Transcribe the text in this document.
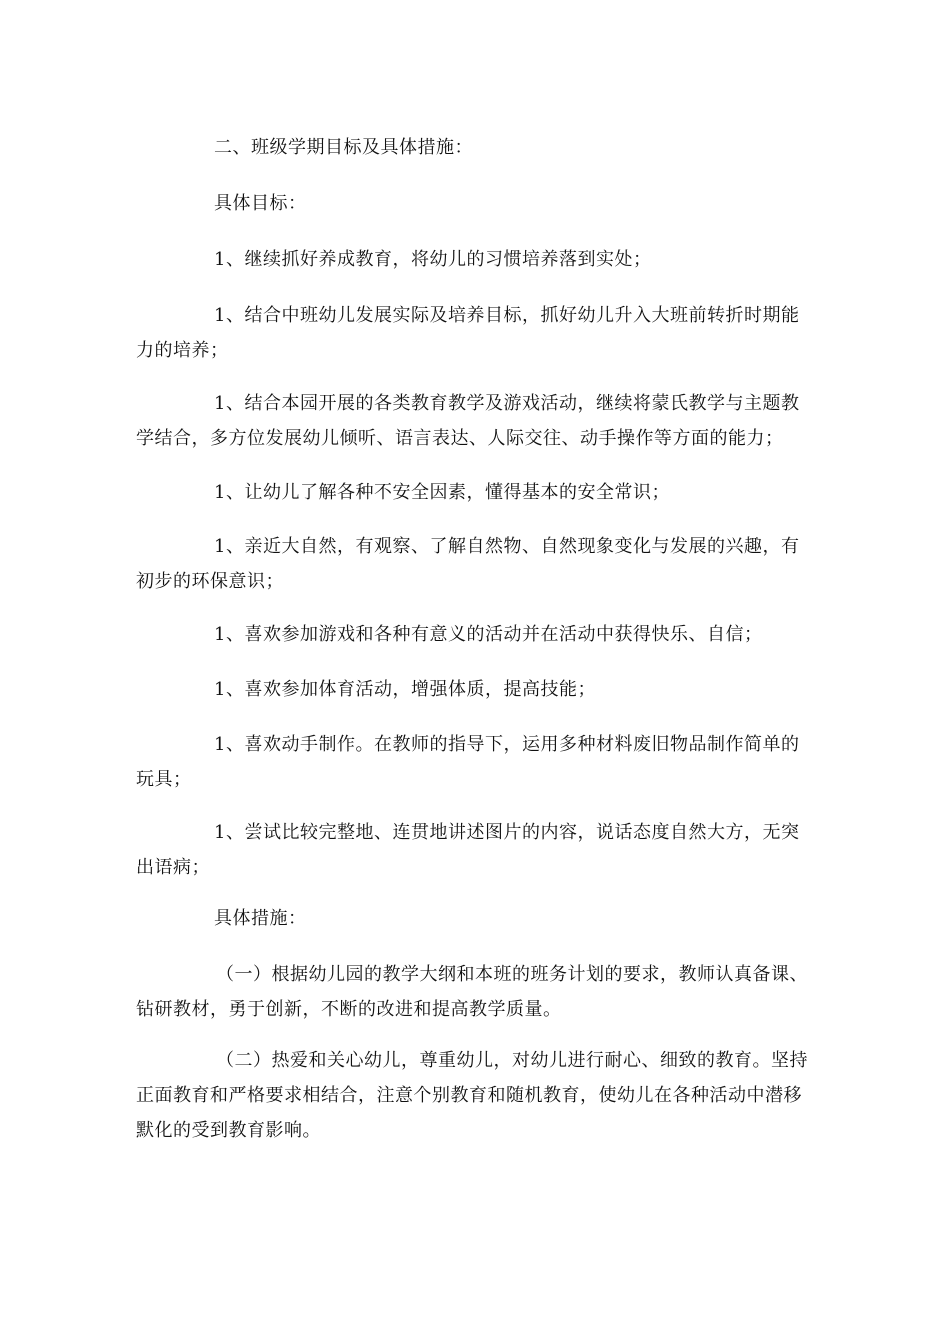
二、班级学期目标及具体措施：

具体目标：

1、继续抓好养成教育，将幼儿的习惯培养落到实处；

1、结合中班幼儿发展实际及培养目标，抓好幼儿升入大班前转折时期能力的培养；

1、结合本园开展的各类教育教学及游戏活动，继续将蒙氏教学与主题教学结合，多方位发展幼儿倾听、语言表达、人际交往、动手操作等方面的能力；

1、让幼儿了解各种不安全因素，懂得基本的安全常识；

1、亲近大自然，有观察、了解自然物、自然现象变化与发展的兴趣，有初步的环保意识；

1、喜欢参加游戏和各种有意义的活动并在活动中获得快乐、自信；

1、喜欢参加体育活动，增强体质，提高技能；

1、喜欢动手制作。在教师的指导下，运用多种材料废旧物品制作简单的玩具；

1、尝试比较完整地、连贯地讲述图片的内容，说话态度自然大方，无突出语病；

具体措施：

（一）根据幼儿园的教学大纲和本班的班务计划的要求，教师认真备课、钻研教材，勇于创新，不断的改进和提高教学质量。

（二）热爱和关心幼儿，尊重幼儿，对幼儿进行耐心、细致的教育。坚持正面教育和严格要求相结合，注意个别教育和随机教育，使幼儿在各种活动中潜移默化的受到教育影响。
